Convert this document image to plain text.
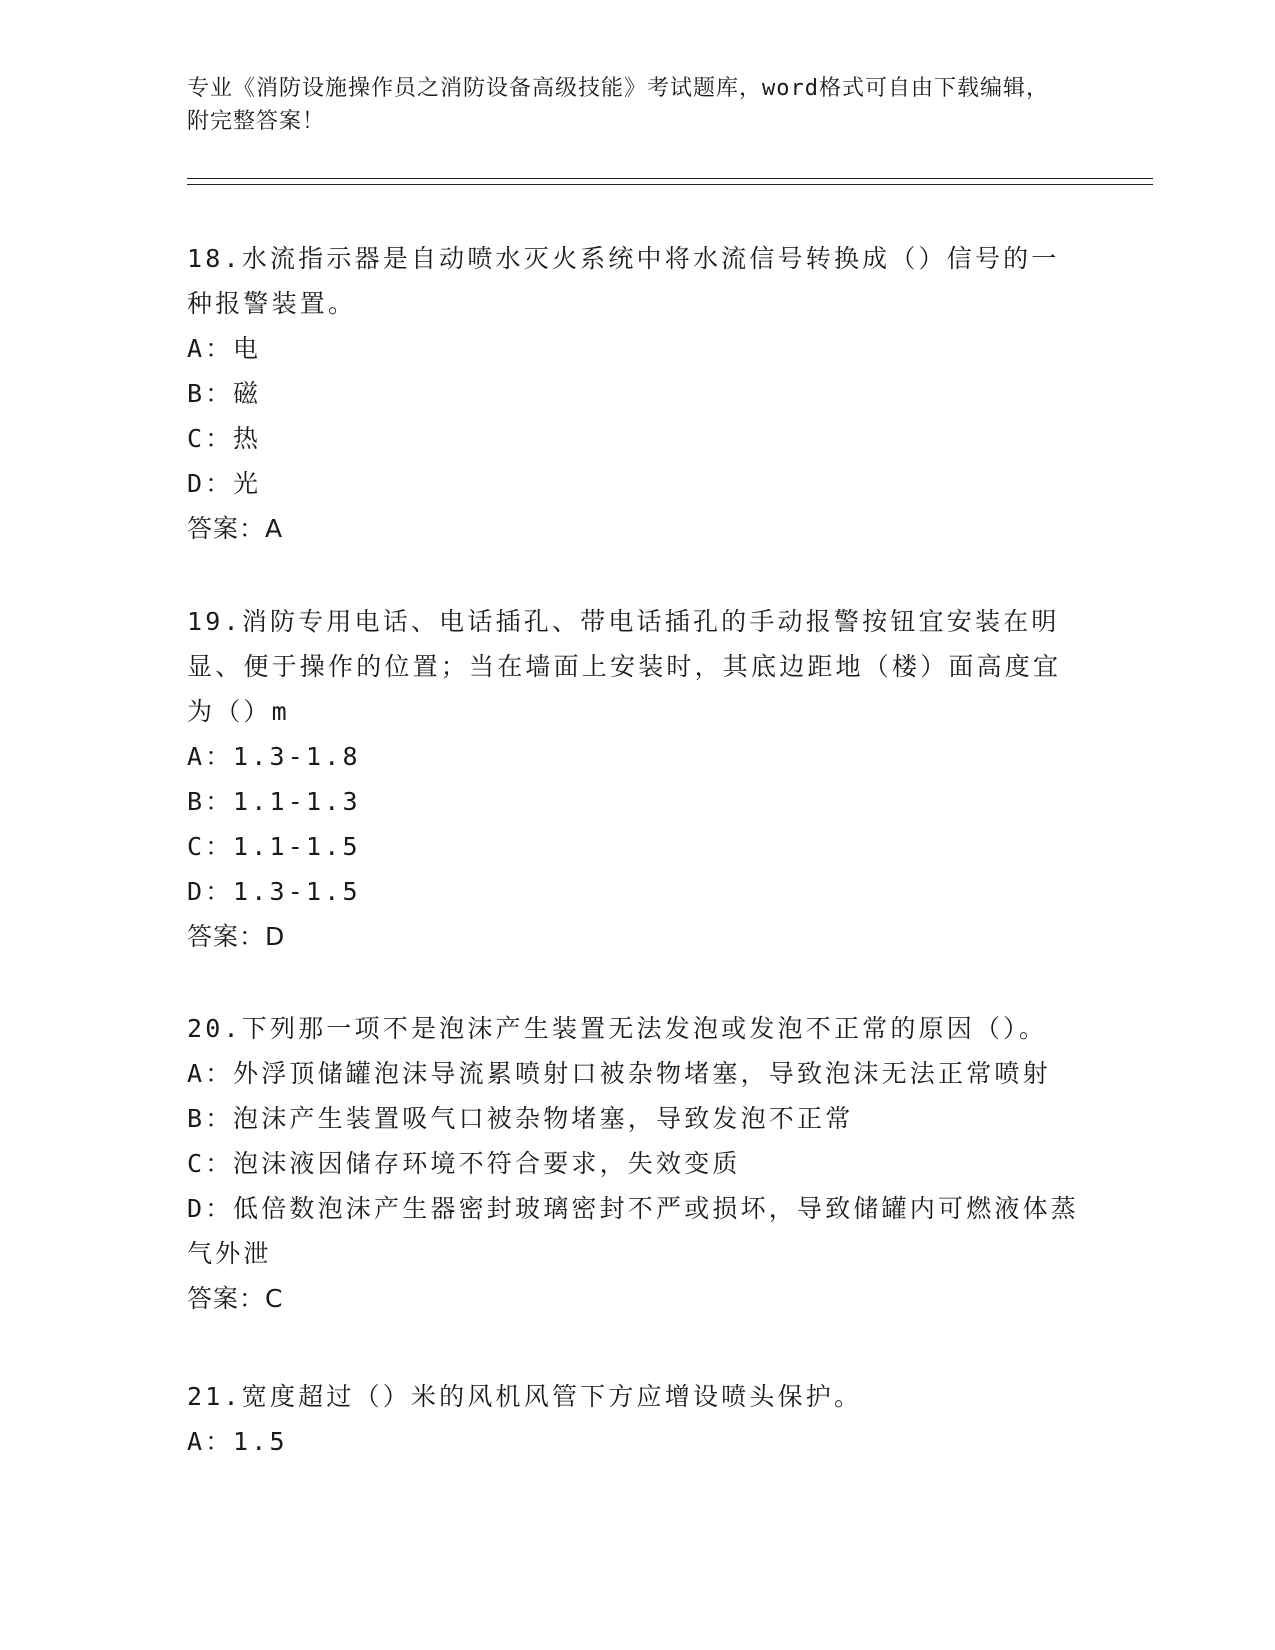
专业《消防设施操作员之消防设备高级技能》考试题库，word格式可自由下载编辑，附完整答案！
18.水流指示器是自动喷水灭火系统中将水流信号转换成（）信号的一种报警装置。
A：电
B：磁
C：热
D：光
答案：A
19.消防专用电话、电话插孔、带电话插孔的手动报警按钮宜安装在明显、便于操作的位置；当在墙面上安装时，其底边距地（楼）面高度宜为（）m
A：1.3-1.8
B：1.1-1.3
C：1.1-1.5
D：1.3-1.5
答案：D
20.下列那一项不是泡沫产生装置无法发泡或发泡不正常的原因（）。
A：外浮顶储罐泡沫导流累喷射口被杂物堵塞，导致泡沫无法正常喷射
B：泡沫产生装置吸气口被杂物堵塞，导致发泡不正常
C：泡沫液因储存环境不符合要求，失效变质
D：低倍数泡沫产生器密封玻璃密封不严或损坏，导致储罐内可燃液体蒸气外泄
答案：C
21.宽度超过（）米的风机风管下方应增设喷头保护。
A：1.5
